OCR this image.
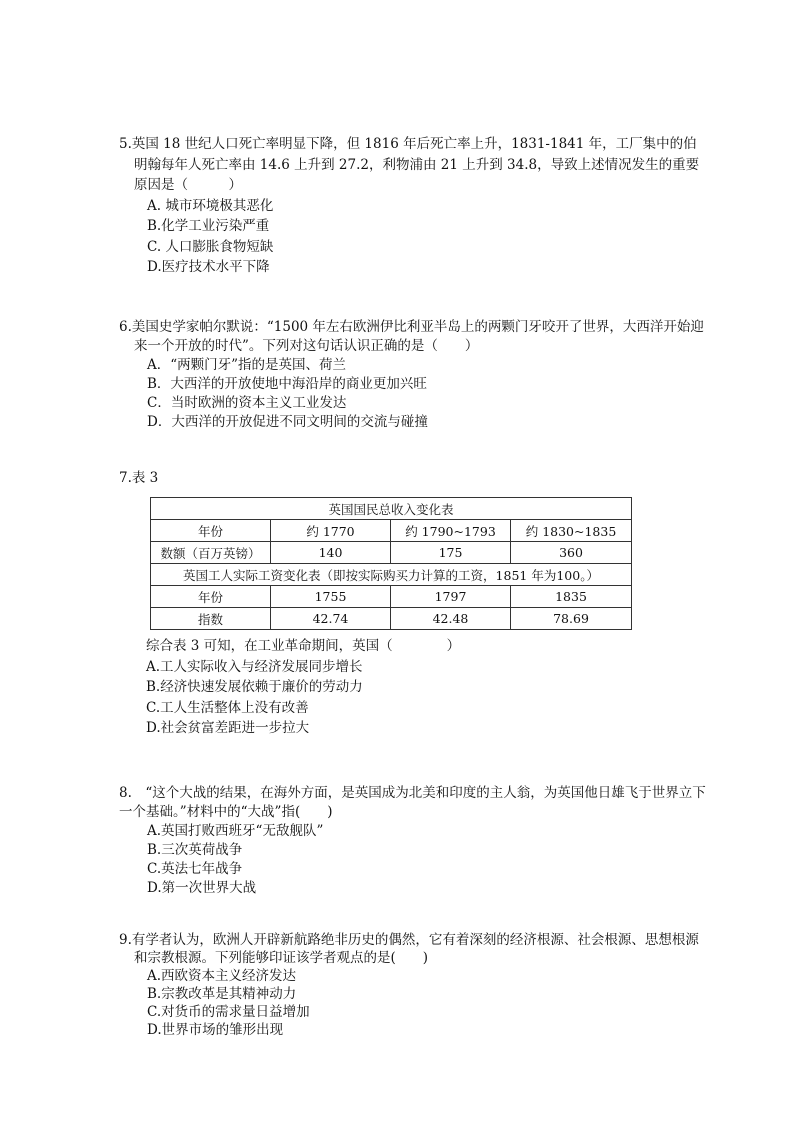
5.英国 18 世纪人口死亡率明显下降，但 1816 年后死亡率上升，1831-1841 年，工厂集中的伯明翰每年人死亡率由 14.6 上升到 27.2，利物浦由 21 上升到 34.8，导致上述情况发生的重要原因是（　　　）

A. 城市环境极其恶化

B.化学工业污染严重

C. 人口膨胀食物短缺

D.医疗技术水平下降

6.美国史学家帕尔默说：“1500 年左右欧洲伊比利亚半岛上的两颗门牙咬开了世界，大西洋开始迎来一个开放的时代”。下列对这句话认识正确的是（　　）

A．“两颗门牙”指的是英国、荷兰

B．大西洋的开放使地中海沿岸的商业更加兴旺

C．当时欧洲的资本主义工业发达

D．大西洋的开放促进不同文明间的交流与碰撞

7.表 3

英国国民总收入变化表			
年份	约 1770	约 1790~1793	约 1830~1835
数额（百万英镑）	140	175	360
英国工人实际工资变化表（即按实际购买力计算的工资，1851 年为100。）			
年份	1755	1797	1835
指数	42.74	42.48	78.69

综合表 3 可知，在工业革命期间，英国（　　　　）

A.工人实际收入与经济发展同步增长

B.经济快速发展依赖于廉价的劳动力

C.工人生活整体上没有改善

D.社会贫富差距进一步拉大

8.　“这个大战的结果，在海外方面，是英国成为北美和印度的主人翁，为英国他日雄飞于世界立下一个基础。”材料中的“大战”指(　　)

A.英国打败西班牙“无敌舰队”

B.三次英荷战争

C.英法七年战争

D.第一次世界大战

9.有学者认为，欧洲人开辟新航路绝非历史的偶然，它有着深刻的经济根源、社会根源、思想根源和宗教根源。下列能够印证该学者观点的是(　　)

A.西欧资本主义经济发达

B.宗教改革是其精神动力

C.对货币的需求量日益增加

D.世界市场的雏形出现
